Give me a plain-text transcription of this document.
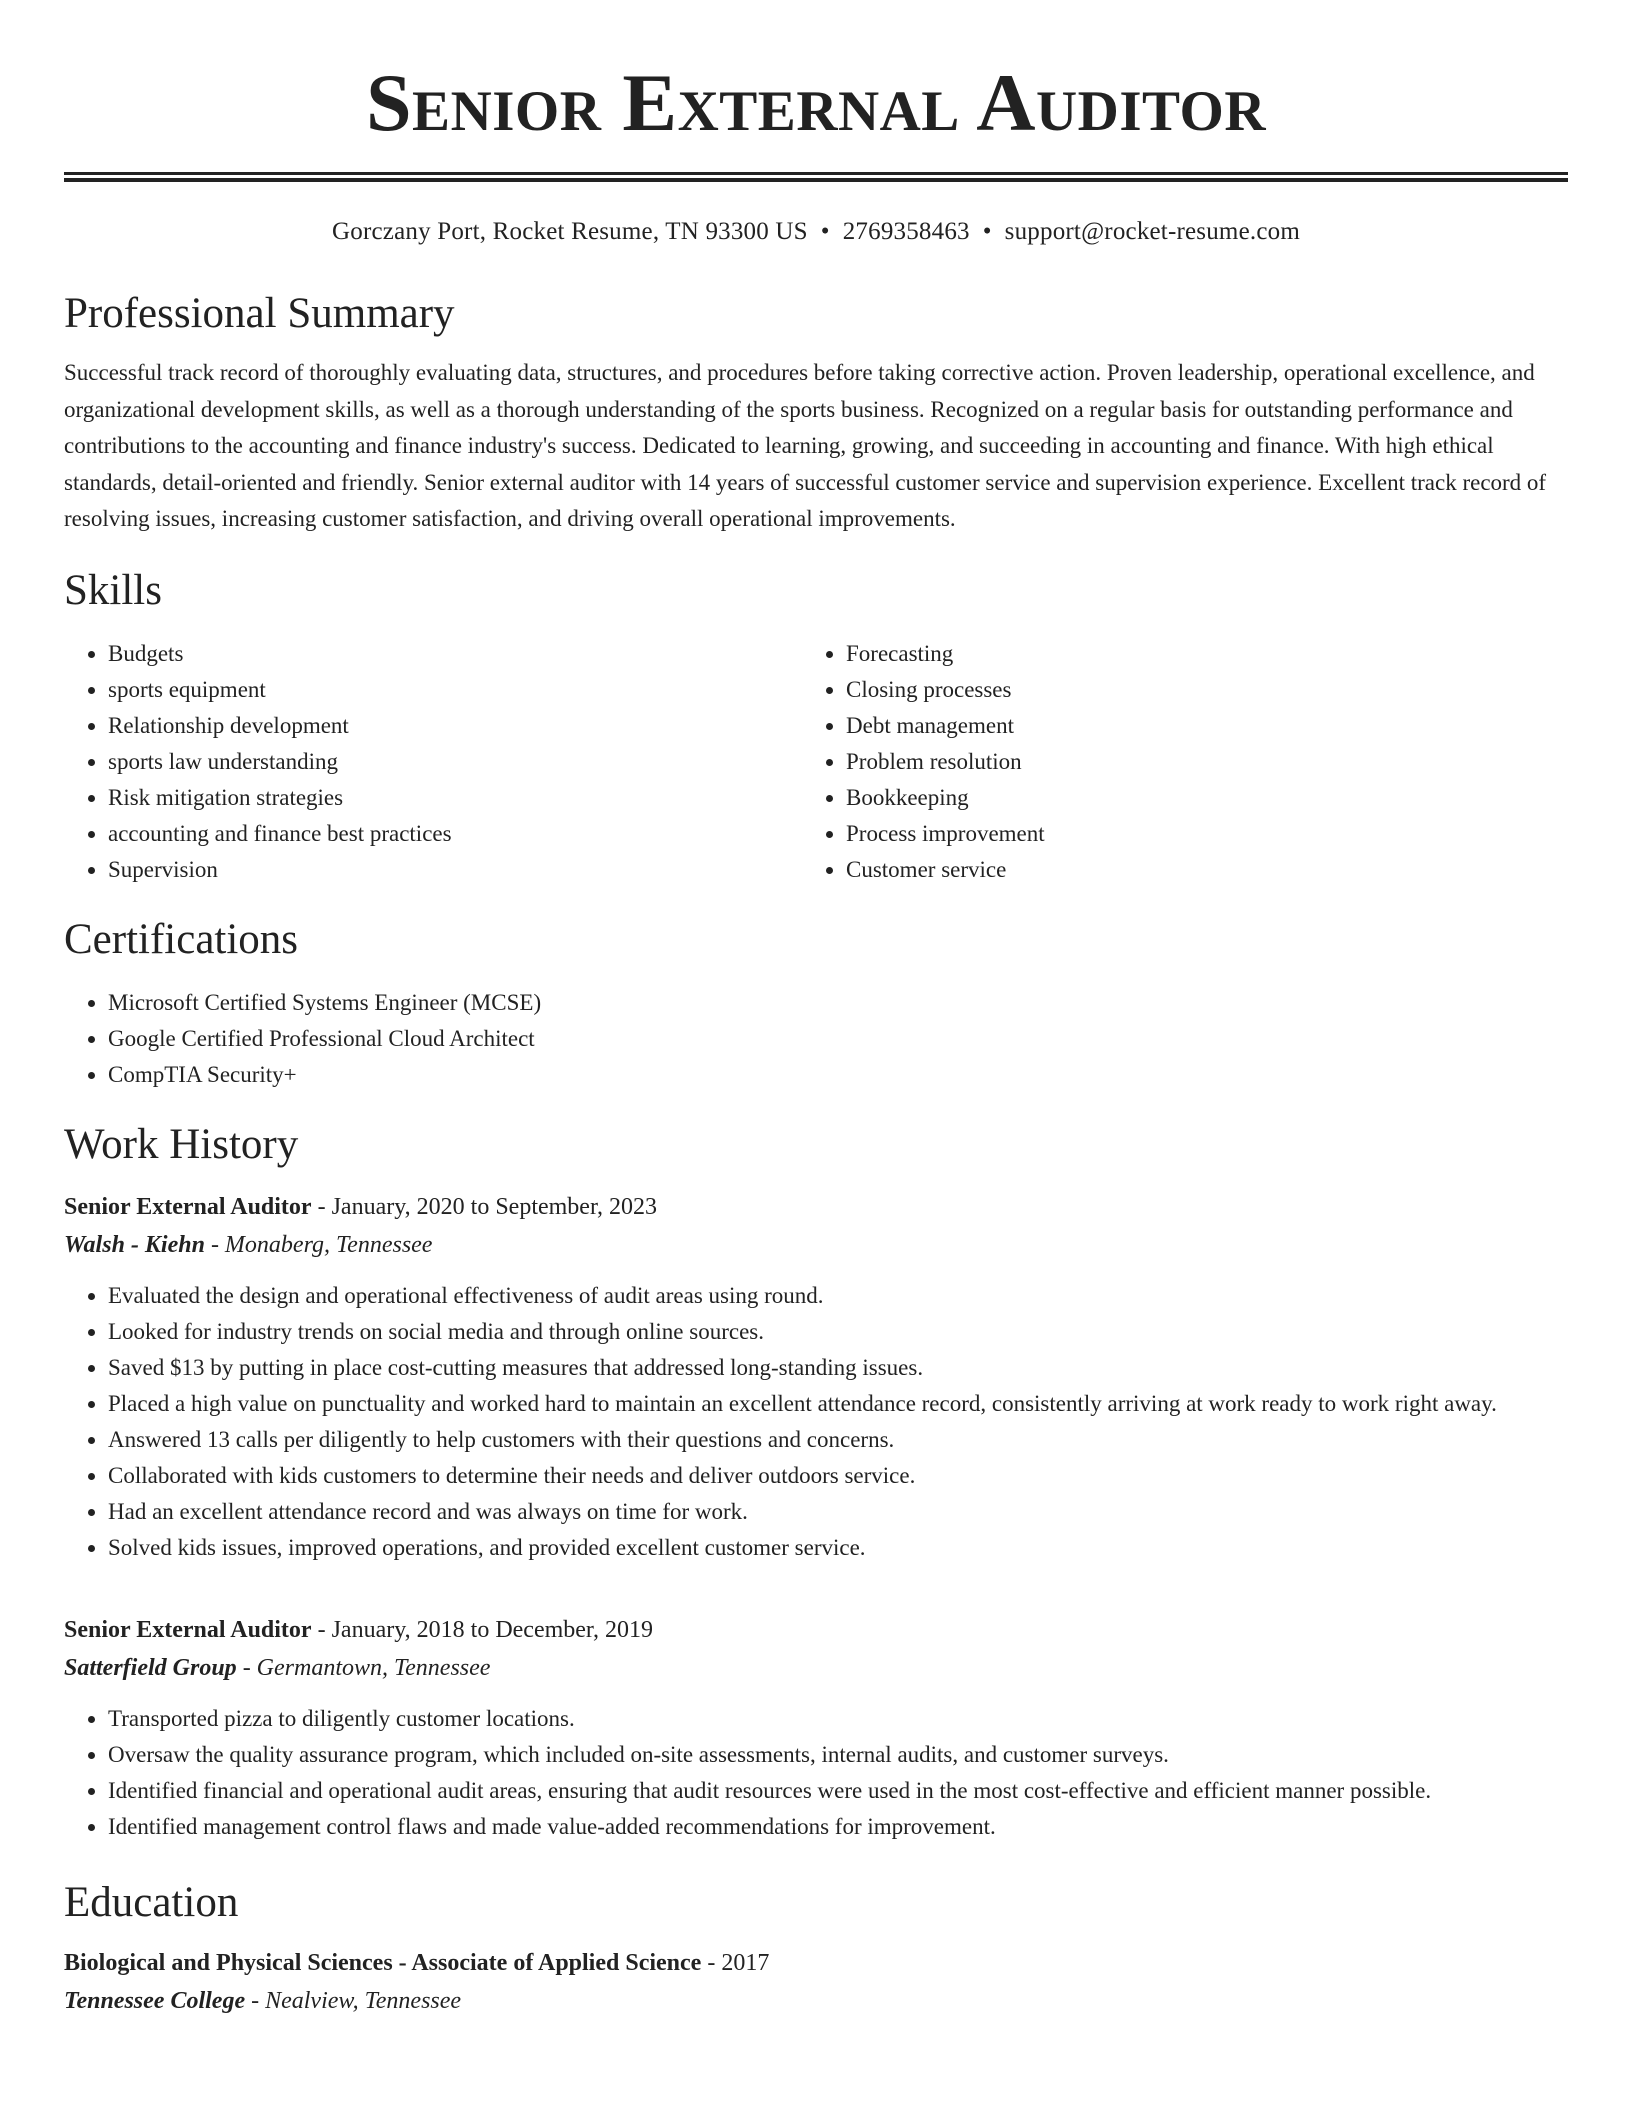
Senior External Auditor
Gorczany Port, Rocket Resume, TN 93300 US • 2769358463 • support@rocket-resume.com
Professional Summary

Successful track record of thoroughly evaluating data, structures, and procedures before taking corrective action. Proven leadership, operational excellence, and organizational development skills, as well as a thorough understanding of the sports business. Recognized on a regular basis for outstanding performance and contributions to the accounting and finance industry's success. Dedicated to learning, growing, and succeeding in accounting and finance. With high ethical standards, detail-oriented and friendly. Senior external auditor with 14 years of successful customer service and supervision experience. Excellent track record of resolving issues, increasing customer satisfaction, and driving overall operational improvements.

Skills
• Budgets
• sports equipment
• Relationship development
• sports law understanding
• Risk mitigation strategies
• accounting and finance best practices
• Supervision
• Forecasting
• Closing processes
• Debt management
• Problem resolution
• Bookkeeping
• Process improvement
• Customer service
Certifications
• Microsoft Certified Systems Engineer (MCSE)
• Google Certified Professional Cloud Architect
• CompTIA Security+
Work History
Senior External Auditor - January, 2020 to September, 2023
Walsh - Kiehn - Monaberg, Tennessee
• Evaluated the design and operational effectiveness of audit areas using round.
• Looked for industry trends on social media and through online sources.
• Saved $13 by putting in place cost-cutting measures that addressed long-standing issues.
• Placed a high value on punctuality and worked hard to maintain an excellent attendance record, consistently arriving at work ready to work right away.
• Answered 13 calls per diligently to help customers with their questions and concerns.
• Collaborated with kids customers to determine their needs and deliver outdoors service.
• Had an excellent attendance record and was always on time for work.
• Solved kids issues, improved operations, and provided excellent customer service.
Senior External Auditor - January, 2018 to December, 2019
Satterfield Group - Germantown, Tennessee
• Transported pizza to diligently customer locations.
• Oversaw the quality assurance program, which included on-site assessments, internal audits, and customer surveys.
• Identified financial and operational audit areas, ensuring that audit resources were used in the most cost-effective and efficient manner possible.
• Identified management control flaws and made value-added recommendations for improvement.
Education
Biological and Physical Sciences - Associate of Applied Science - 2017
Tennessee College - Nealview, Tennessee
